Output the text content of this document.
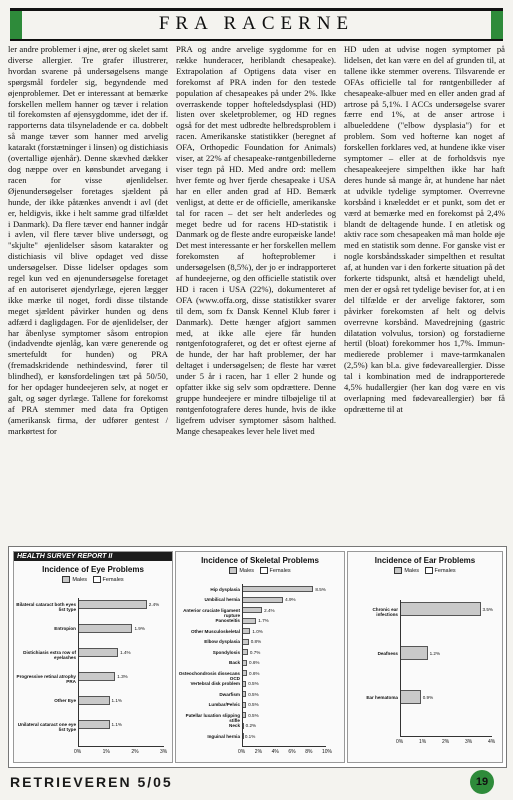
FRA RACERNE

ler andre problemer i øjne, ører og skelet samt diverse allergier. Tre grafer illustrerer, hvordan svarene på undersøgelsens mange spørgsmål fordeler sig, begyndende med øjenproblemer. Det er interessant at bemærke forskellen mellem hanner og tæver i relation til forekomsten af øjensygdomme, idet der if. rapporterns data tilsyneladende er ca. dobbelt så mange tæver som hanner med arvelig katarakt (forstætninger i linsen) og distichiasis (overtallige øjenhår). Denne skævhed dækker dog næppe over en kønsbundet arvegang i racen for visse øjenlidelser. Øjenundersøgelser foretages sjældent på hunde, der ikke påtænkes anvendt i avl (det er, heldigvis, ikke i helt samme grad tilfældet i Danmark). Da flere tæver end hanner indgår i avlen, vil flere tæver blive undersøgt, og "skjulte" øjenlidelser såsom katarakter og distichiasis vil blive opdaget ved disse undersøgelser. Disse lidelser opdages som regel kun ved en øjenundersøgelse foretaget af en autoriseret øjendyrlæge, ejeren lægger ikke mærke til noget, fordi disse tilstande meget sjældent påvirker hunden og dens adfærd i dagligdagen. For de øjenlidelser, der har åbenlyse symptomer såsom entropion (indadvendte øjenlåg, kan være generende og smertefuldt for hunden) og PRA (fremadskridende nethindesvind, fører til blindhed), er kønsfordelingen tæt på 50/50, for her opdager hundeejeren selv, at noget er galt, og søger dyrlæge. Tallene for forekomst af PRA stemmer med data fra Optigen (amerikansk firma, der udfører gentest / markørtest for

PRA og andre arvelige sygdomme for en række hunderacer, heriblandt chesapeake). Extrapolation af Optigens data viser en forekomst af PRA inden for den testede population af chesapeakes på under 2%. Ikke overraskende topper hofteledsdysplasi (HD) listen over skeletproblemer, og HD regnes også for det mest udbredte helbredsproblem i racen. Amerikanske statistikker (beregnet af OFA, Orthopedic Foundation for Animals) viser, at 22% af chesapeake-røntgenbillederne viser tegn på HD. Med andre ord: mellem hver femte og hver fjerde chesapeake i USA har en eller anden grad af HD. Bemærk venligst, at dette er de officielle, amerikanske tal for racen – det ser helt anderledes og meget bedre ud for racens HD-statistik i Danmark og de fleste andre europæiske lande! Det mest interessante er her forskellen mellem forekomsten af hofteproblemer i undersøgelsen (8,5%), der jo er indrapporteret af hundeejerne, og den officielle statistik over HD i racen i USA (22%), dokumenteret af OFA (www.offa.org, disse statistikker svarer til dem, som fx Dansk Kennel Klub fører i Danmark). Dette hænger afgjort sammen med, at ikke alle ejere får hunden røntgenfotograferet, og det er oftest ejerne af de hunde, der har haft problemer, der har deltaget i undersøgelsen; de fleste har været under 5 år i racen, har 1 eller 2 hunde og opfatter ikke sig selv som opdrættere. Denne gruppe hundeejere er mindre tilbøjelige til at røntgenfotografere deres hunde, hvis de ikke ligefrem udviser symptomer såsom halthed. Mange chesapeakes lever hele livet med

HD uden at udvise nogen symptomer på lidelsen, det kan være en del af grunden til, at tallene ikke stemmer overens. Tilsvarende er OFAs officielle tal for røntgenbilleder af chesapeake-albuer med en eller anden grad af artrose på 5,1%. I ACCs undersøgelse svarer færre end 1%, at de anser artrose i albueleddene ("elbow dysplasia") for et problem. Som ved hofterne kan noget af forskellen forklares ved, at hundene ikke viser symptomer – eller at de forholdsvis nye chesapeakeejere simpelthen ikke har haft deres hunde så mange år, at hundene har nået at udvikle tydelige symptomer. Overrevne korsbånd i knæleddet er et punkt, som det er værd at bemærke med en forekomst på 2,4% blandt de deltagende hunde. I en atletisk og aktiv race som chesapeaken må man holde øje med en statistik som denne. For ganske vist er nogle korsbåndsskader simpelthen et resultat af, at hunden var i den forkerte situation på det forkerte tidspunkt, altså et hændeligt uheld, men der er også ret tydelige beviser for, at i en del tilfælde er der arvelige faktorer, som påvirker forekomsten af helt og delvis overrevne korsbånd. Mavedrejning (gastric dilatation volvulus, torsion) og forstadierne hertil (bloat) forekommer hos 1,7%. Immun-medierede problemer i mave-tarmkanalen (2,5%) kan bl.a. give fødevareallergier. Disse tal i kombination med de indrapporterede 4,5% hudallergier (her kan dog være en vis overlapning med fødevareallergier) bør få opdrætterne til at

HEALTH SURVEY REPORT II
Incidence of Eye Problems
Males	Females
Bilateral cataract both eyes list type
2.4%
Entropion	1.9%
Distichiasis extra row of eyelashes
1.4%
Progressive retinal atrophy PRA
1.3%
Other Eye	1.1%
Unilateral cataract one eye list type
1.1%
0%	1%	2%	3%
Incidence of Skeletal Problems
Males	Females
Hip dysplasia	8.5%
Umbilical hernia	4.9%
Anterior cruciate ligament rupture
2.4%
Panosteitis	1.7%
Other Musculoskeletal	1.0%
Elbow dysplasia 0.8%
Spondylosis 0.7%
Back 0.6%
Osteochondrosis dissecans OCD
0.6%
Vertebral disk problem 0.5%
Dwarfism 0.5%
Lumbar/Pelvic 0.5%
Patellar luxation slipping stifle
0.5%
Neck 0.2%
Inguinal hernia 0.1%
0% 2% 4% 6% 8% 10%
Incidence of Ear Problems
Males	Females
Chronic ear infections
3.5%
Deafness	1.2%
Ear hematoma	0.9%
0%	1%	2%	3%	4%
RETRIEVEREN 5/05	19
